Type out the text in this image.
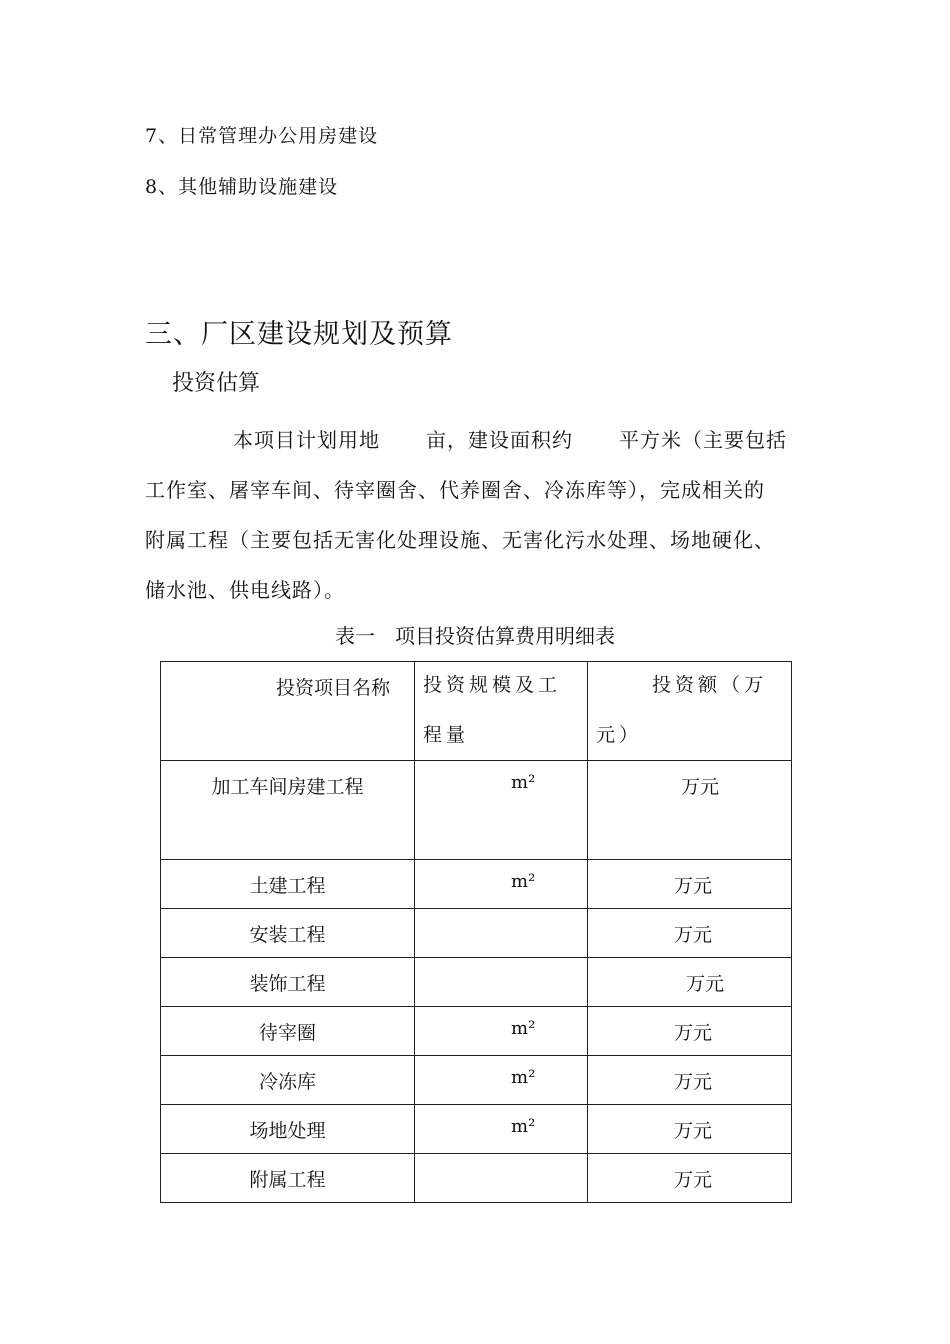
7、日常管理办公用房建设
8、其他辅助设施建设
三、厂区建设规划及预算
投资估算
本项目计划用地 亩，建设面积约 平方米（主要包括
工作室、屠宰车间、待宰圈舍、代养圈舍、冷冻库等），完成相关的
附属工程（主要包括无害化处理设施、无害化污水处理、场地硬化、
储水池、供电线路）。
表一　项目投资估算费用明细表
投资项目名称	投资规模及工程量	投资额（万元）

加工车间房建工程	m²	万元

土建工程	m²	万元

安装工程		万元

装饰工程		万元

待宰圈	m²	万元

冷冻库	m²	万元

场地处理	m²	万元

附属工程		万元
